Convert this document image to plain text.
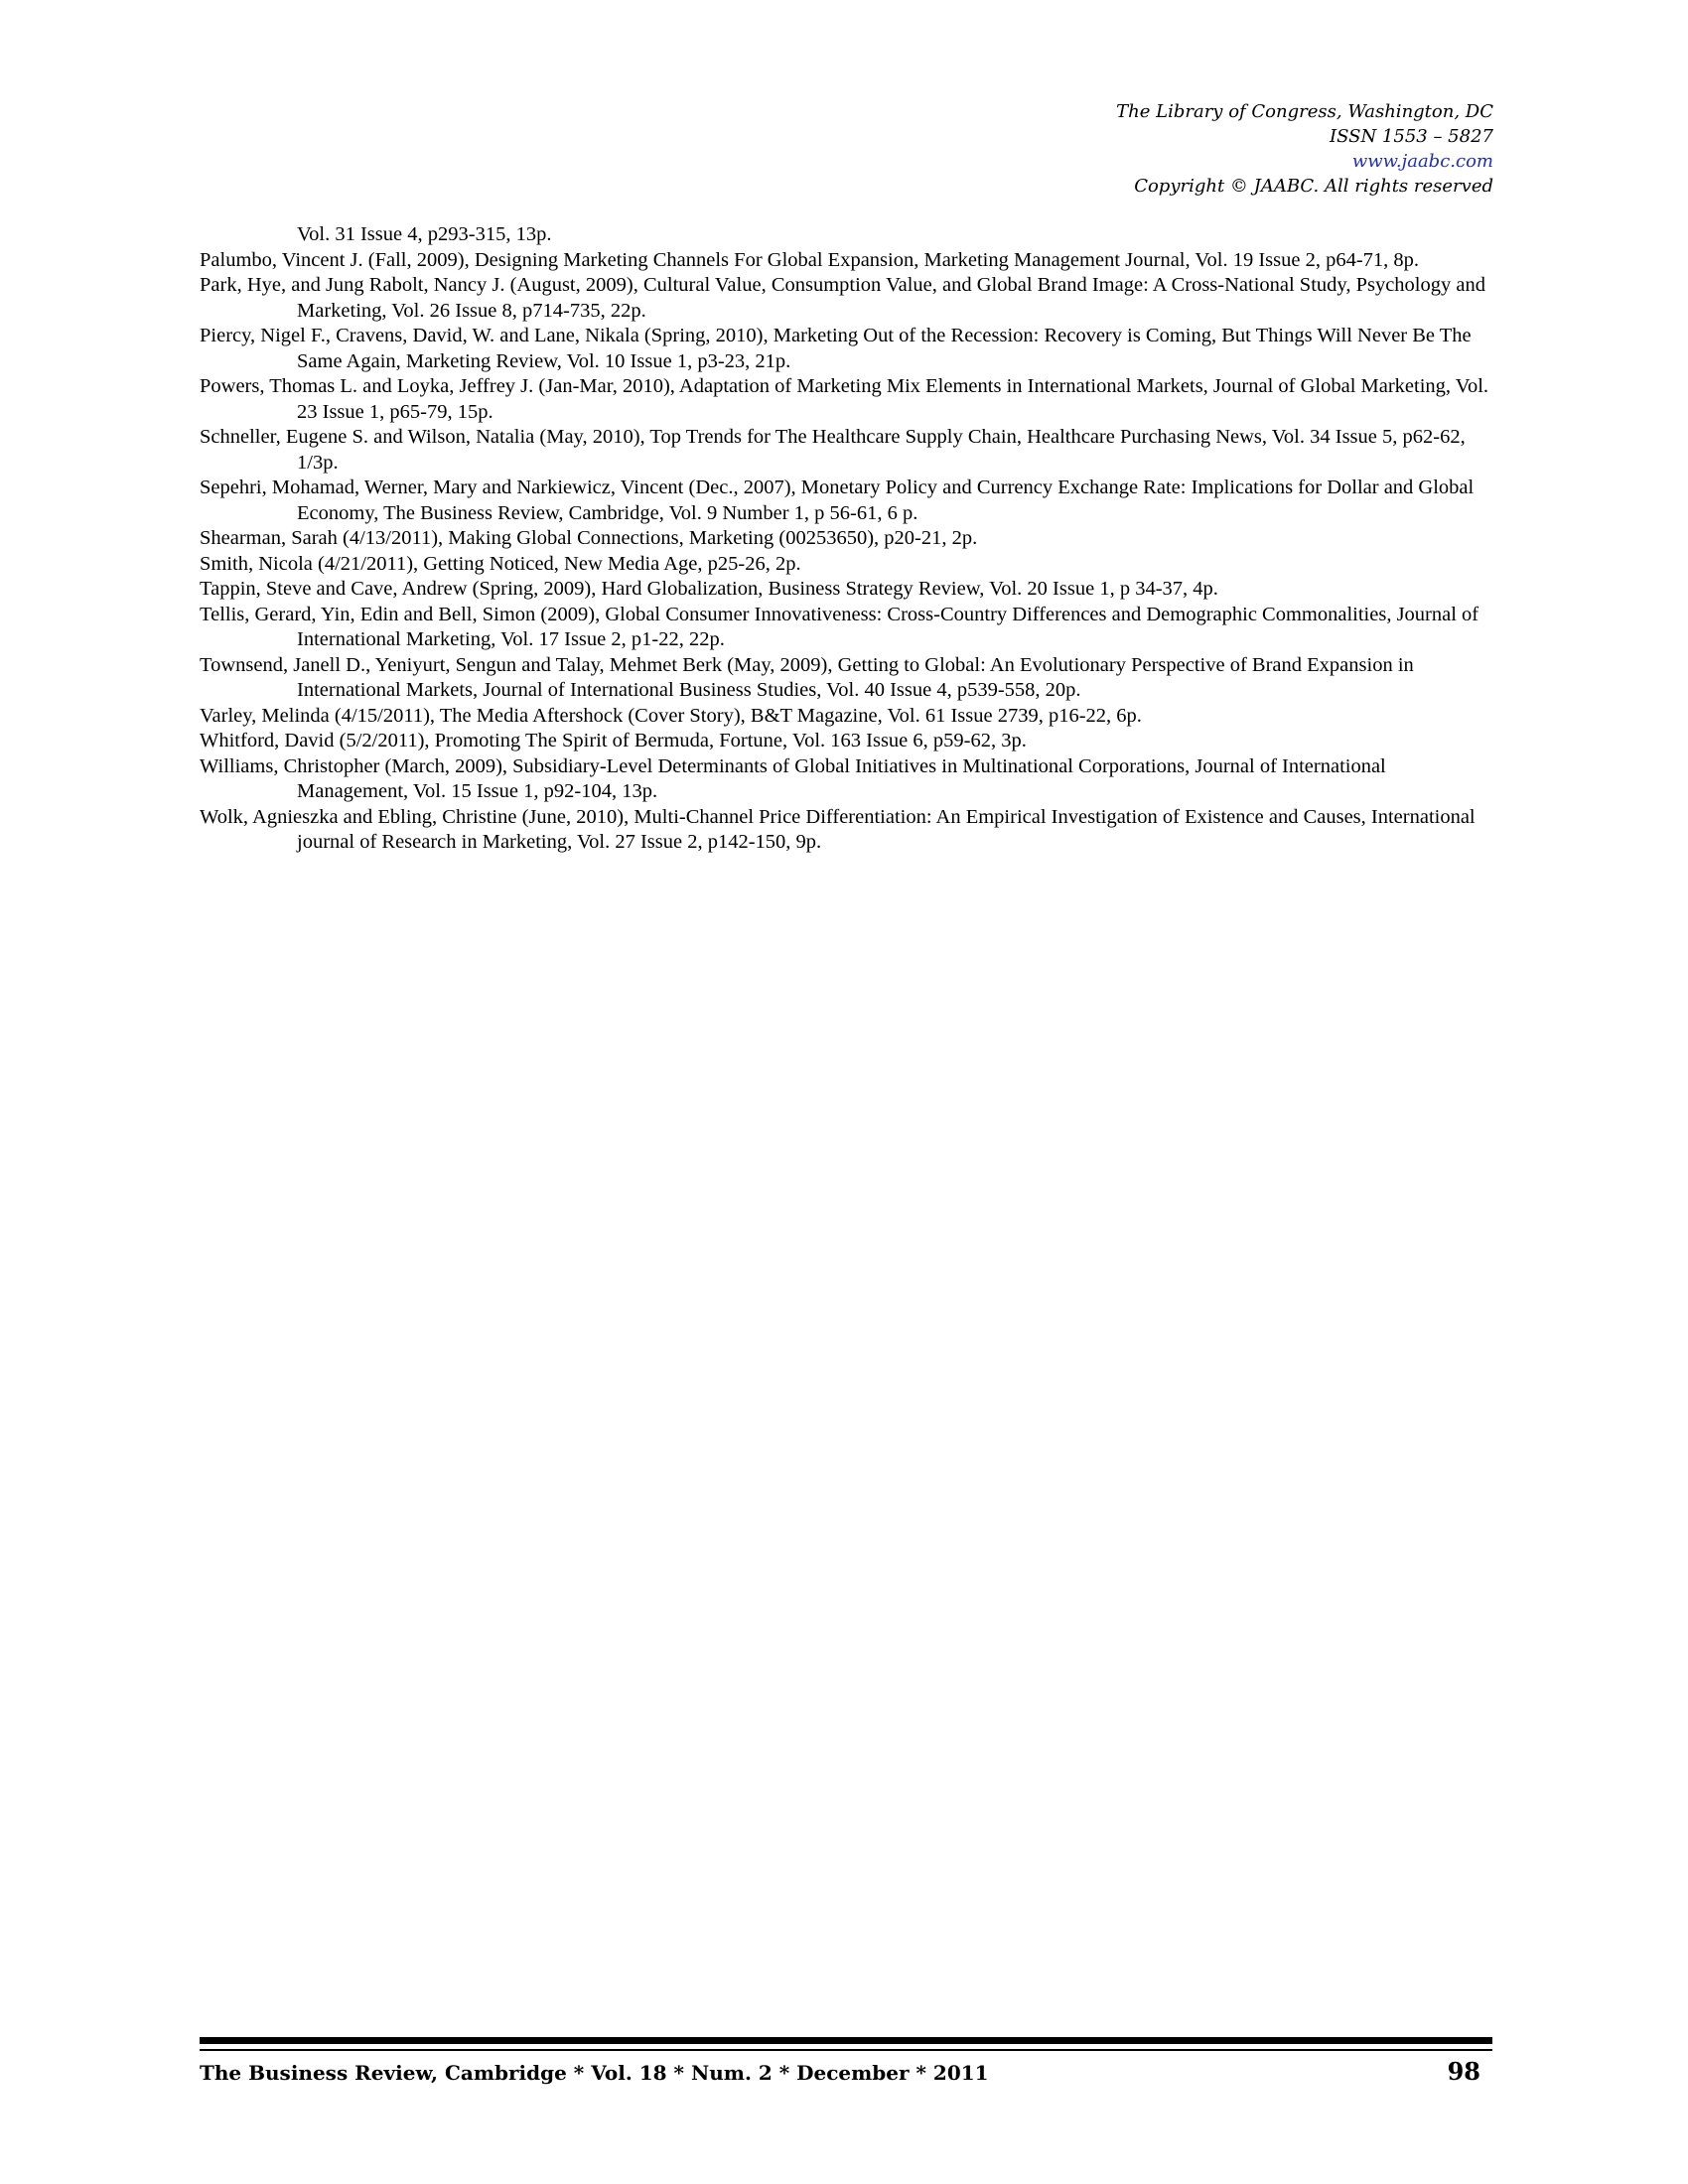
The Library of Congress, Washington, DC
ISSN 1553 – 5827
www.jaabc.com
Copyright © JAABC. All rights reserved
Vol. 31 Issue 4, p293-315, 13p.
Palumbo, Vincent J. (Fall, 2009), Designing Marketing Channels For Global Expansion, Marketing Management Journal, Vol. 19 Issue 2, p64-71, 8p.
Park, Hye, and Jung Rabolt, Nancy J. (August, 2009), Cultural Value, Consumption Value, and Global Brand Image: A Cross-National Study, Psychology and Marketing, Vol. 26 Issue 8, p714-735, 22p.
Piercy, Nigel F., Cravens, David, W. and Lane, Nikala (Spring, 2010), Marketing Out of the Recession: Recovery is Coming, But Things Will Never Be The Same Again, Marketing Review, Vol. 10 Issue 1, p3-23, 21p.
Powers, Thomas L. and Loyka, Jeffrey J. (Jan-Mar, 2010), Adaptation of Marketing Mix Elements in International Markets, Journal of Global Marketing, Vol. 23 Issue 1, p65-79, 15p.
Schneller, Eugene S. and Wilson, Natalia (May, 2010), Top Trends for The Healthcare Supply Chain, Healthcare Purchasing News, Vol. 34 Issue 5, p62-62, 1/3p.
Sepehri, Mohamad, Werner, Mary and Narkiewicz, Vincent (Dec., 2007), Monetary Policy and Currency Exchange Rate: Implications for Dollar and Global Economy, The Business Review, Cambridge, Vol. 9 Number 1, p 56-61, 6 p.
Shearman, Sarah (4/13/2011), Making Global Connections, Marketing (00253650), p20-21, 2p.
Smith, Nicola (4/21/2011), Getting Noticed, New Media Age, p25-26, 2p.
Tappin, Steve and Cave, Andrew (Spring, 2009), Hard Globalization, Business Strategy Review, Vol. 20 Issue 1, p 34-37, 4p.
Tellis, Gerard, Yin, Edin and Bell, Simon (2009), Global Consumer Innovativeness: Cross-Country Differences and Demographic Commonalities, Journal of International Marketing, Vol. 17 Issue 2, p1-22, 22p.
Townsend, Janell D., Yeniyurt, Sengun and Talay, Mehmet Berk (May, 2009), Getting to Global: An Evolutionary Perspective of Brand Expansion in International Markets, Journal of International Business Studies, Vol. 40 Issue 4, p539-558, 20p.
Varley, Melinda (4/15/2011), The Media Aftershock (Cover Story), B&T Magazine, Vol. 61 Issue 2739, p16-22, 6p.
Whitford, David (5/2/2011), Promoting The Spirit of Bermuda, Fortune, Vol. 163 Issue 6, p59-62, 3p.
Williams, Christopher (March, 2009), Subsidiary-Level Determinants of Global Initiatives in Multinational Corporations, Journal of International Management, Vol. 15 Issue 1, p92-104, 13p.
Wolk, Agnieszka and Ebling, Christine (June, 2010), Multi-Channel Price Differentiation: An Empirical Investigation of Existence and Causes, International journal of Research in Marketing, Vol. 27 Issue 2, p142-150, 9p.
The Business Review, Cambridge * Vol. 18 * Num. 2 * December * 2011	98
